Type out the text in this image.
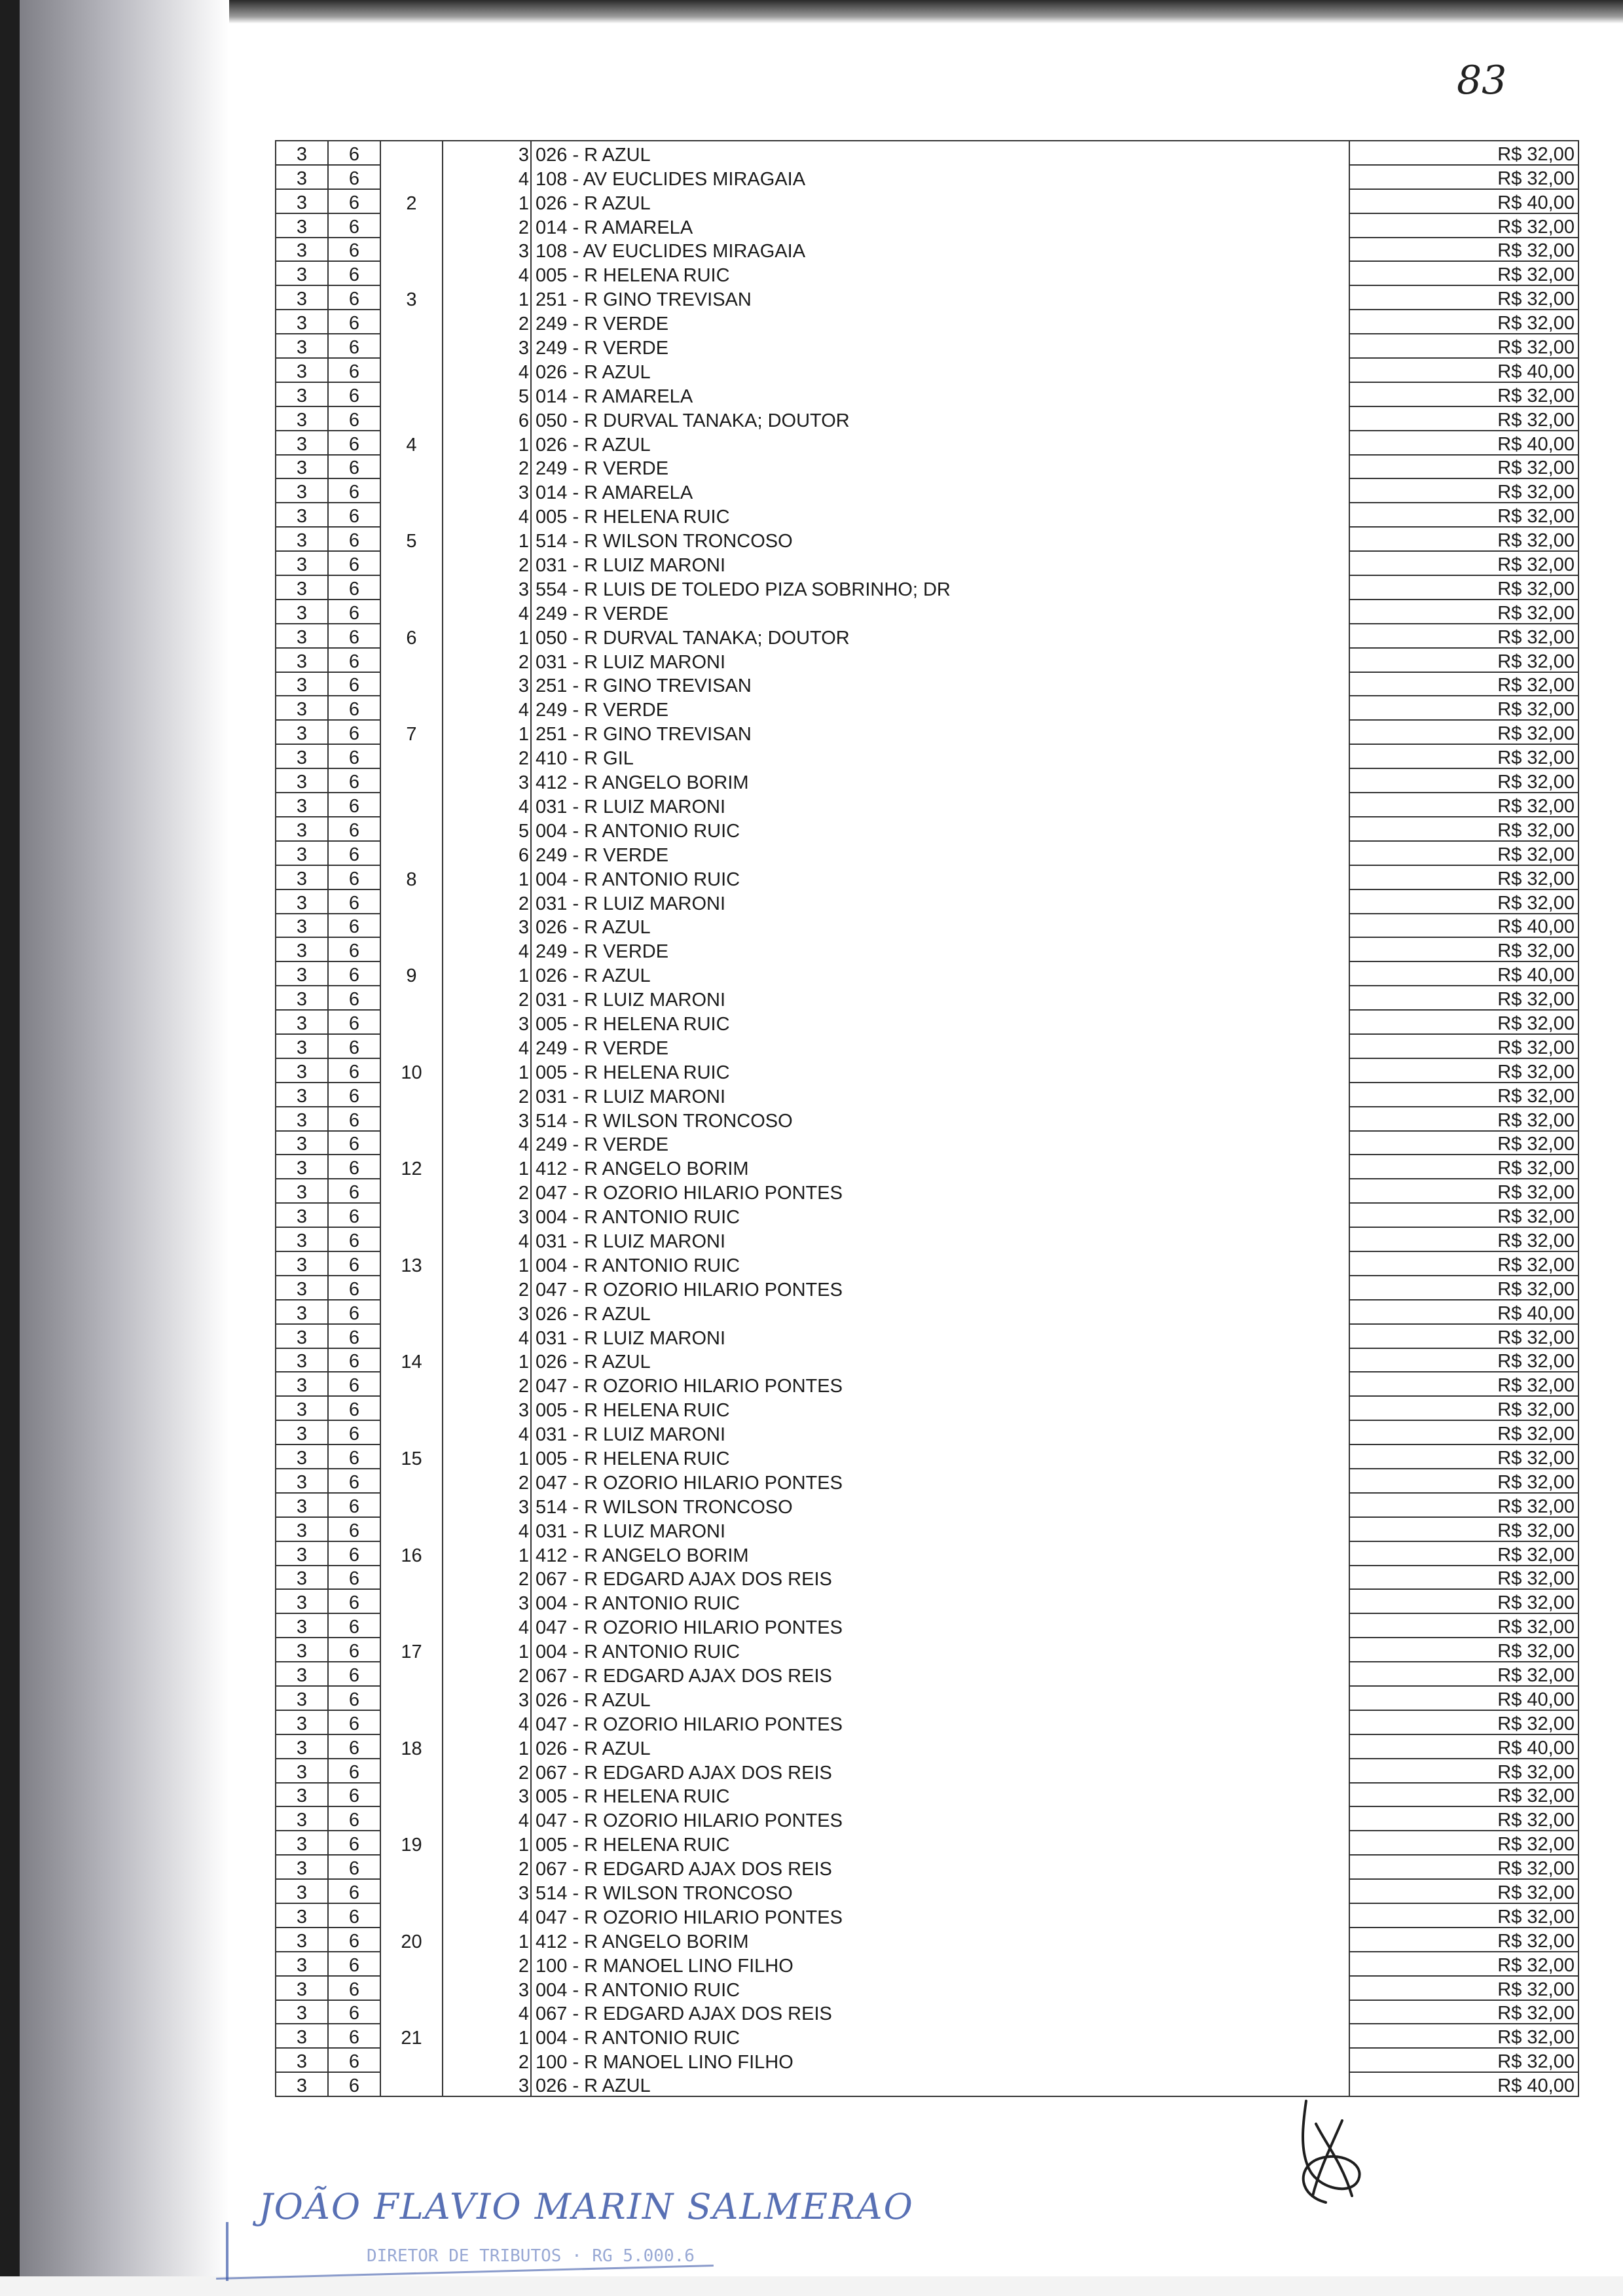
83
3	6		3	026 - R AZUL	R$ 32,00
3	6		4	108 - AV EUCLIDES MIRAGAIA	R$ 32,00
3	6	2	1	026 - R AZUL	R$ 40,00
3	6		2	014 - R AMARELA	R$ 32,00
3	6		3	108 - AV EUCLIDES MIRAGAIA	R$ 32,00
3	6		4	005 - R HELENA RUIC	R$ 32,00
3	6	3	1	251 - R GINO TREVISAN	R$ 32,00
3	6		2	249 - R VERDE	R$ 32,00
3	6		3	249 - R VERDE	R$ 32,00
3	6		4	026 - R AZUL	R$ 40,00
3	6		5	014 - R AMARELA	R$ 32,00
3	6		6	050 - R DURVAL TANAKA; DOUTOR	R$ 32,00
3	6	4	1	026 - R AZUL	R$ 40,00
3	6		2	249 - R VERDE	R$ 32,00
3	6		3	014 - R AMARELA	R$ 32,00
3	6		4	005 - R HELENA RUIC	R$ 32,00
3	6	5	1	514 - R WILSON TRONCOSO	R$ 32,00
3	6		2	031 - R LUIZ MARONI	R$ 32,00
3	6		3	554 - R LUIS DE TOLEDO PIZA SOBRINHO; DR	R$ 32,00
3	6		4	249 - R VERDE	R$ 32,00
3	6	6	1	050 - R DURVAL TANAKA; DOUTOR	R$ 32,00
3	6		2	031 - R LUIZ MARONI	R$ 32,00
3	6		3	251 - R GINO TREVISAN	R$ 32,00
3	6		4	249 - R VERDE	R$ 32,00
3	6	7	1	251 - R GINO TREVISAN	R$ 32,00
3	6		2	410 - R GIL	R$ 32,00
3	6		3	412 - R ANGELO BORIM	R$ 32,00
3	6		4	031 - R LUIZ MARONI	R$ 32,00
3	6		5	004 - R ANTONIO RUIC	R$ 32,00
3	6		6	249 - R VERDE	R$ 32,00
3	6	8	1	004 - R ANTONIO RUIC	R$ 32,00
3	6		2	031 - R LUIZ MARONI	R$ 32,00
3	6		3	026 - R AZUL	R$ 40,00
3	6		4	249 - R VERDE	R$ 32,00
3	6	9	1	026 - R AZUL	R$ 40,00
3	6		2	031 - R LUIZ MARONI	R$ 32,00
3	6		3	005 - R HELENA RUIC	R$ 32,00
3	6		4	249 - R VERDE	R$ 32,00
3	6	10	1	005 - R HELENA RUIC	R$ 32,00
3	6		2	031 - R LUIZ MARONI	R$ 32,00
3	6		3	514 - R WILSON TRONCOSO	R$ 32,00
3	6		4	249 - R VERDE	R$ 32,00
3	6	12	1	412 - R ANGELO BORIM	R$ 32,00
3	6		2	047 - R OZORIO HILARIO PONTES	R$ 32,00
3	6		3	004 - R ANTONIO RUIC	R$ 32,00
3	6		4	031 - R LUIZ MARONI	R$ 32,00
3	6	13	1	004 - R ANTONIO RUIC	R$ 32,00
3	6		2	047 - R OZORIO HILARIO PONTES	R$ 32,00
3	6		3	026 - R AZUL	R$ 40,00
3	6		4	031 - R LUIZ MARONI	R$ 32,00
3	6	14	1	026 - R AZUL	R$ 32,00
3	6		2	047 - R OZORIO HILARIO PONTES	R$ 32,00
3	6		3	005 - R HELENA RUIC	R$ 32,00
3	6		4	031 - R LUIZ MARONI	R$ 32,00
3	6	15	1	005 - R HELENA RUIC	R$ 32,00
3	6		2	047 - R OZORIO HILARIO PONTES	R$ 32,00
3	6		3	514 - R WILSON TRONCOSO	R$ 32,00
3	6		4	031 - R LUIZ MARONI	R$ 32,00
3	6	16	1	412 - R ANGELO BORIM	R$ 32,00
3	6		2	067 - R EDGARD AJAX DOS REIS	R$ 32,00
3	6		3	004 - R ANTONIO RUIC	R$ 32,00
3	6		4	047 - R OZORIO HILARIO PONTES	R$ 32,00
3	6	17	1	004 - R ANTONIO RUIC	R$ 32,00
3	6		2	067 - R EDGARD AJAX DOS REIS	R$ 32,00
3	6		3	026 - R AZUL	R$ 40,00
3	6		4	047 - R OZORIO HILARIO PONTES	R$ 32,00
3	6	18	1	026 - R AZUL	R$ 40,00
3	6		2	067 - R EDGARD AJAX DOS REIS	R$ 32,00
3	6		3	005 - R HELENA RUIC	R$ 32,00
3	6		4	047 - R OZORIO HILARIO PONTES	R$ 32,00
3	6	19	1	005 - R HELENA RUIC	R$ 32,00
3	6		2	067 - R EDGARD AJAX DOS REIS	R$ 32,00
3	6		3	514 - R WILSON TRONCOSO	R$ 32,00
3	6		4	047 - R OZORIO HILARIO PONTES	R$ 32,00
3	6	20	1	412 - R ANGELO BORIM	R$ 32,00
3	6		2	100 - R MANOEL LINO FILHO	R$ 32,00
3	6		3	004 - R ANTONIO RUIC	R$ 32,00
3	6		4	067 - R EDGARD AJAX DOS REIS	R$ 32,00
3	6	21	1	004 - R ANTONIO RUIC	R$ 32,00
3	6		2	100 - R MANOEL LINO FILHO	R$ 32,00
3	6		3	026 - R AZUL	R$ 40,00
JOÃO FLAVIO MARIN SALMERAO
DIRETOR DE TRIBUTOS · RG 5.000.6
